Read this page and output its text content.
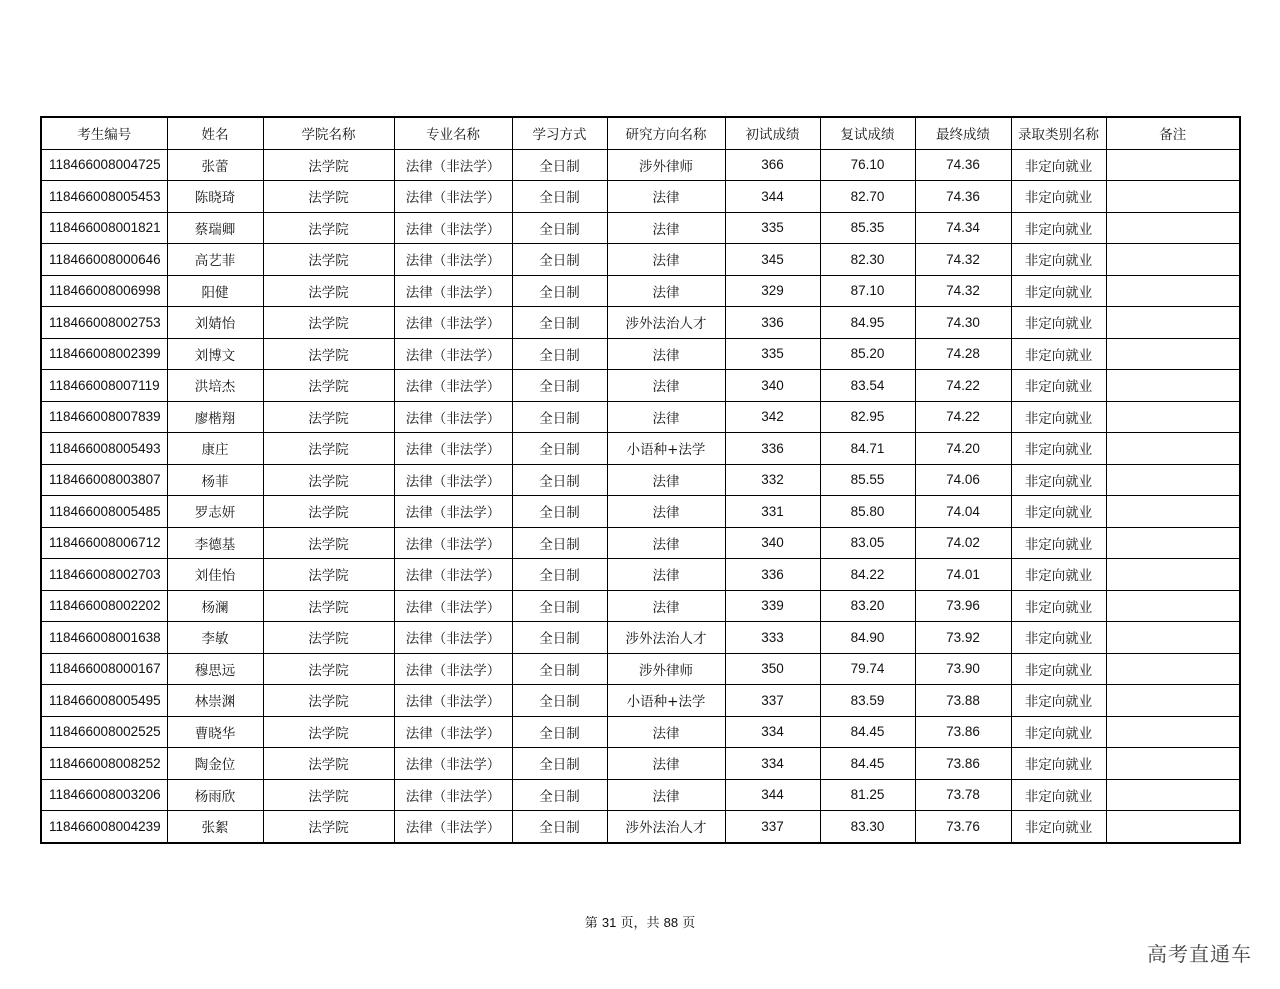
考生编号	姓名	学院名称	专业名称	学习方式	研究方向名称	初试成绩	复试成绩	最终成绩	录取类别名称	备注
118466008004725	张蕾	法学院	法律（非法学）	全日制	涉外律师	366	76.10	74.36	非定向就业	
118466008005453	陈晓琦	法学院	法律（非法学）	全日制	法律	344	82.70	74.36	非定向就业	
118466008001821	蔡瑞卿	法学院	法律（非法学）	全日制	法律	335	85.35	74.34	非定向就业	
118466008000646	高艺菲	法学院	法律（非法学）	全日制	法律	345	82.30	74.32	非定向就业	
118466008006998	阳健	法学院	法律（非法学）	全日制	法律	329	87.10	74.32	非定向就业	
118466008002753	刘婧怡	法学院	法律（非法学）	全日制	涉外法治人才	336	84.95	74.30	非定向就业	
118466008002399	刘博文	法学院	法律（非法学）	全日制	法律	335	85.20	74.28	非定向就业	
118466008007119	洪培杰	法学院	法律（非法学）	全日制	法律	340	83.54	74.22	非定向就业	
118466008007839	廖楷翔	法学院	法律（非法学）	全日制	法律	342	82.95	74.22	非定向就业	
118466008005493	康庄	法学院	法律（非法学）	全日制	小语种+法学	336	84.71	74.20	非定向就业	
118466008003807	杨菲	法学院	法律（非法学）	全日制	法律	332	85.55	74.06	非定向就业	
118466008005485	罗志妍	法学院	法律（非法学）	全日制	法律	331	85.80	74.04	非定向就业	
118466008006712	李德基	法学院	法律（非法学）	全日制	法律	340	83.05	74.02	非定向就业	
118466008002703	刘佳怡	法学院	法律（非法学）	全日制	法律	336	84.22	74.01	非定向就业	
118466008002202	杨澜	法学院	法律（非法学）	全日制	法律	339	83.20	73.96	非定向就业	
118466008001638	李敏	法学院	法律（非法学）	全日制	涉外法治人才	333	84.90	73.92	非定向就业	
118466008000167	穆思远	法学院	法律（非法学）	全日制	涉外律师	350	79.74	73.90	非定向就业	
118466008005495	林崇渊	法学院	法律（非法学）	全日制	小语种+法学	337	83.59	73.88	非定向就业	
118466008002525	曹晓华	法学院	法律（非法学）	全日制	法律	334	84.45	73.86	非定向就业	
118466008008252	陶金位	法学院	法律（非法学）	全日制	法律	334	84.45	73.86	非定向就业	
118466008003206	杨雨欣	法学院	法律（非法学）	全日制	法律	344	81.25	73.78	非定向就业	
118466008004239	张絮	法学院	法律（非法学）	全日制	涉外法治人才	337	83.30	73.76	非定向就业	
第 31 页，共 88 页
高考直通车
